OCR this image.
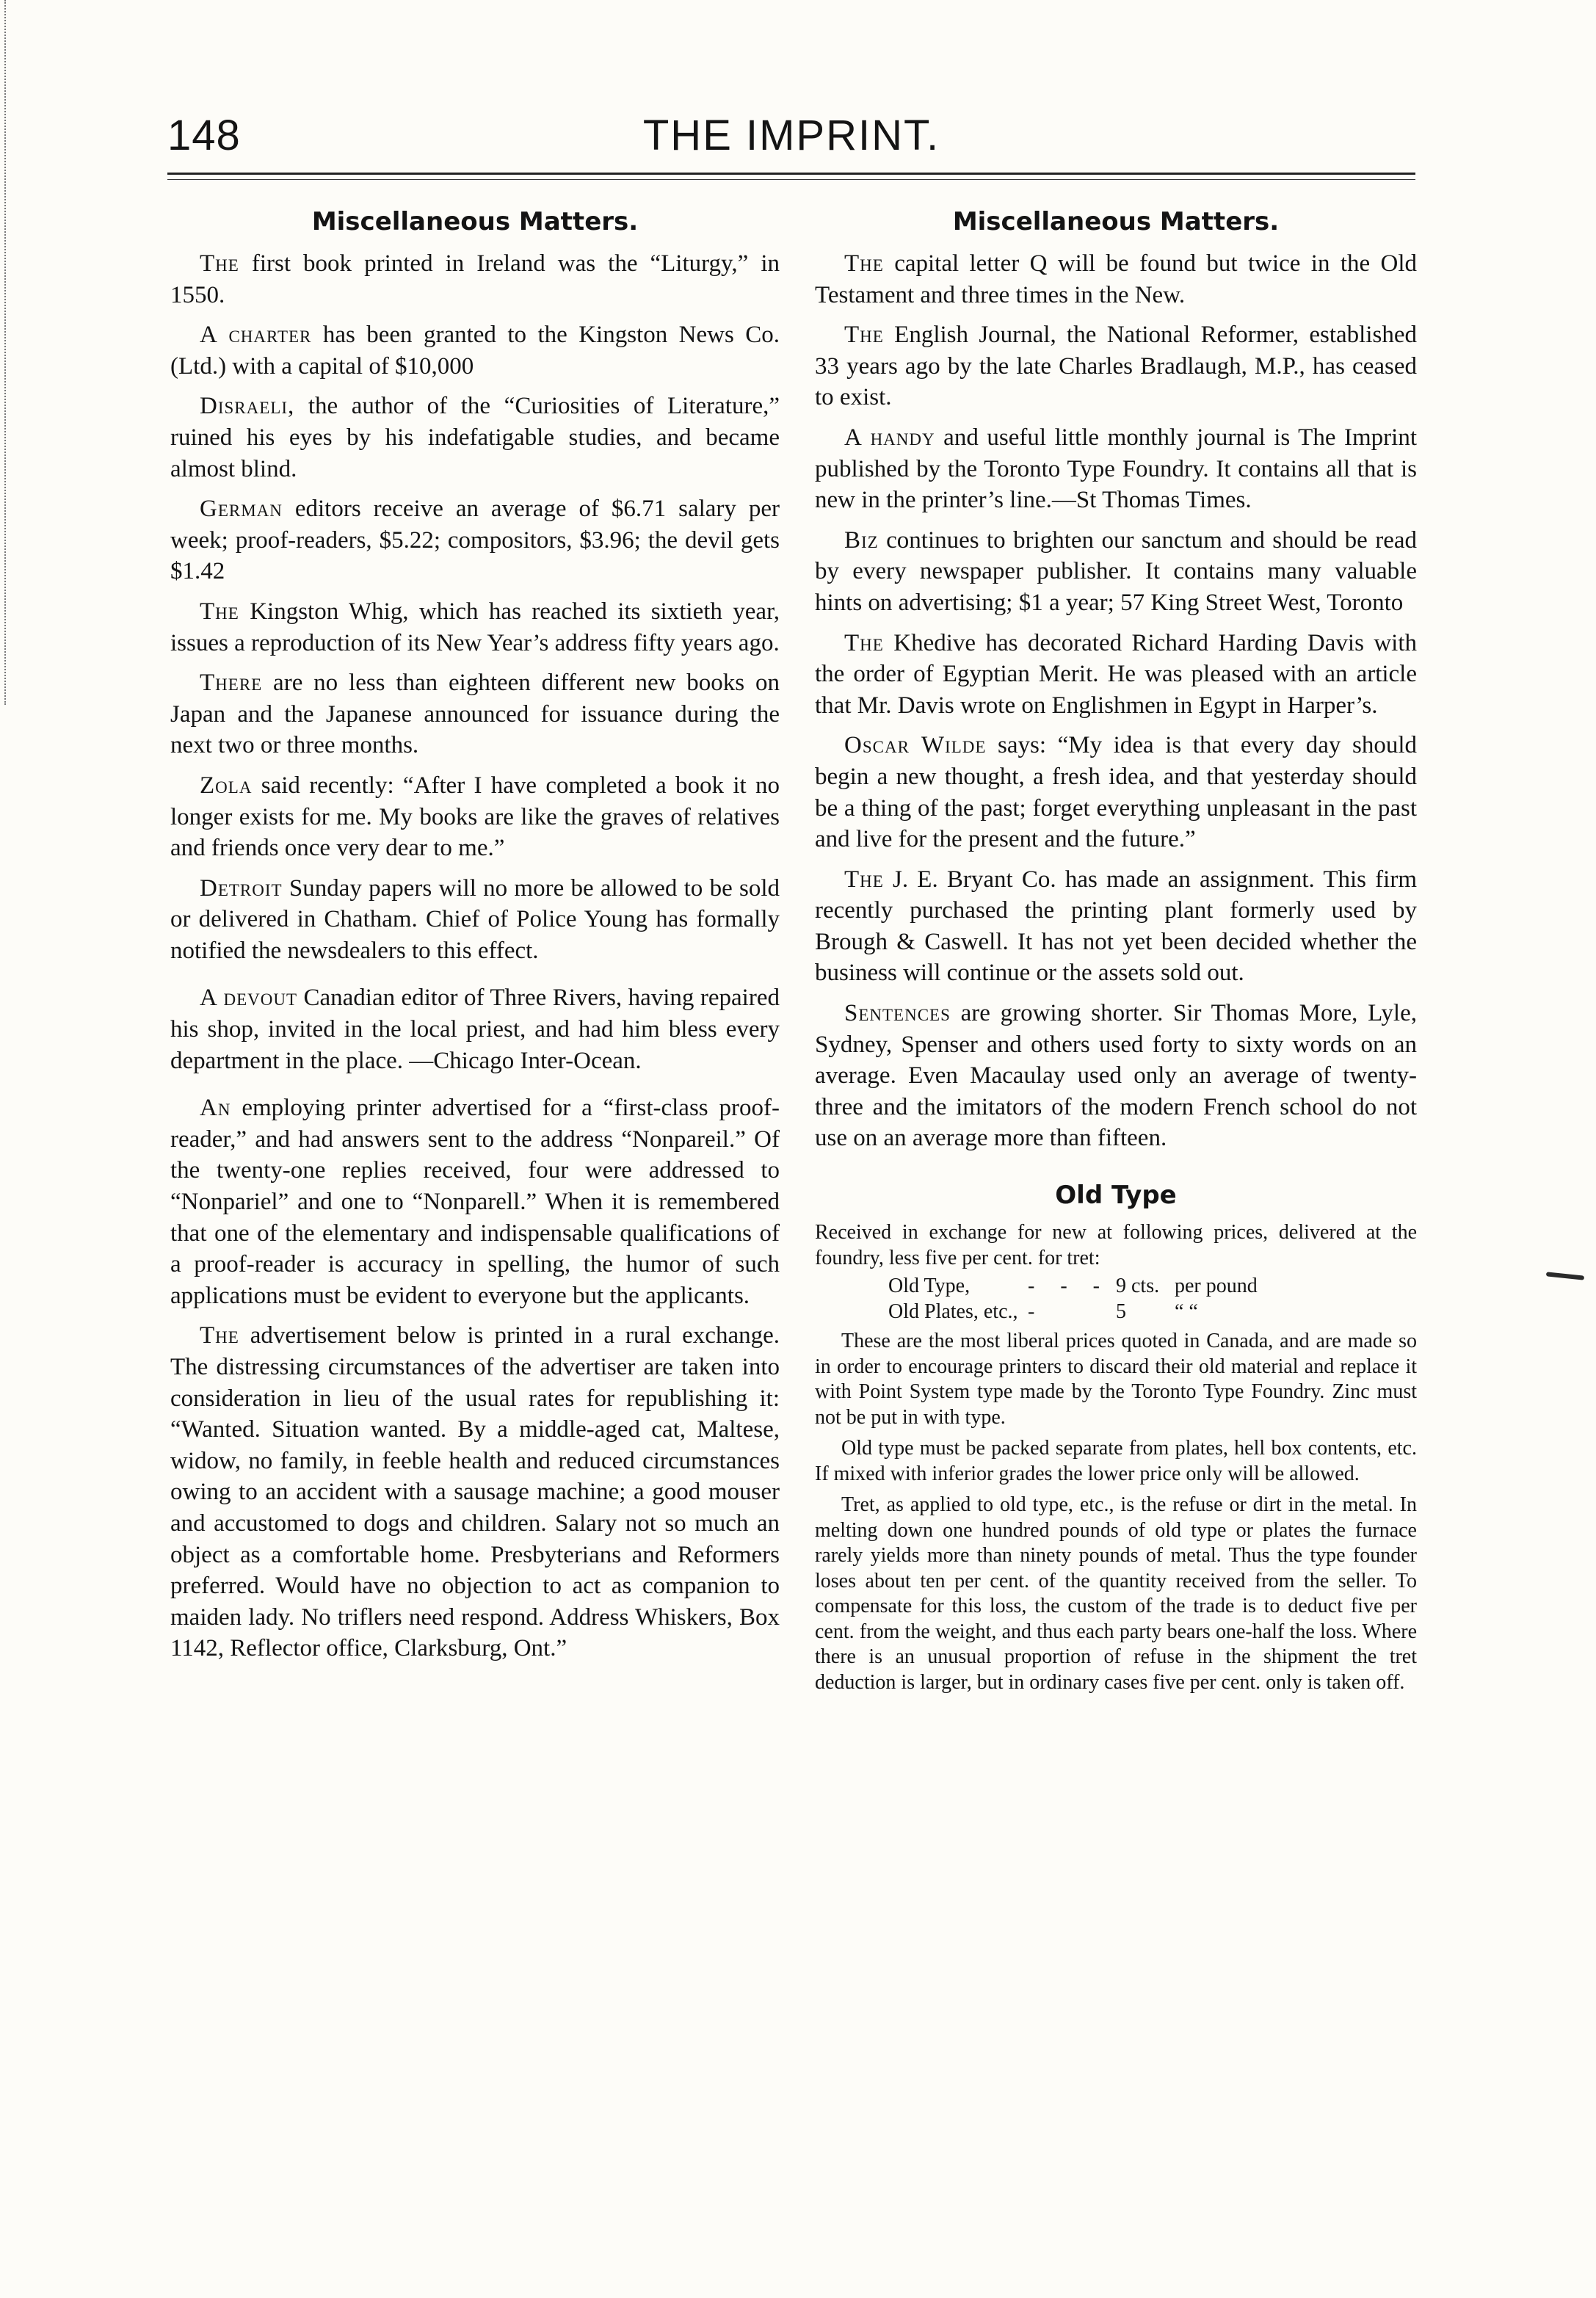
148	THE IMPRINT.
Miscellaneous Matters.

The first book printed in Ireland was the “Liturgy,” in 1550.

A charter has been granted to the Kingston News Co. (Ltd.) with a capital of $10,000

Disraeli, the author of the “Curiosities of Literature,” ruined his eyes by his indefatigable studies, and became almost blind.

German editors receive an average of $6.71 salary per week; proof-readers, $5.22; compositors, $3.96; the devil gets $1.42

The Kingston Whig, which has reached its sixtieth year, issues a reproduction of its New Year’s address fifty years ago.

There are no less than eighteen different new books on Japan and the Japanese announced for issuance during the next two or three months.

Zola said recently: “After I have completed a book it no longer exists for me. My books are like the graves of relatives and friends once very dear to me.”

Detroit Sunday papers will no more be allowed to be sold or delivered in Chatham. Chief of Police Young has formally notified the newsdealers to this effect.

A devout Canadian editor of Three Rivers, having repaired his shop, invited in the local priest, and had him bless every department in the place. —Chicago Inter-Ocean.

An employing printer advertised for a “first-class proof-reader,” and had answers sent to the address “Nonpareil.” Of the twenty-one replies received, four were addressed to “Nonpariel” and one to “Nonparell.” When it is remembered that one of the elementary and indispensable qualifications of a proof-reader is accuracy in spelling, the humor of such applications must be evident to everyone but the applicants.

The advertisement below is printed in a rural exchange. The distressing circumstances of the advertiser are taken into consideration in lieu of the usual rates for republishing it: “Wanted. Situation wanted. By a middle-aged cat, Maltese, widow, no family, in feeble health and reduced circumstances owing to an accident with a sausage machine; a good mouser and accustomed to dogs and children. Salary not so much an object as a comfortable home. Presbyterians and Reformers preferred. Would have no objection to act as companion to maiden lady. No triflers need respond. Address Whiskers, Box 1142, Reflector office, Clarksburg, Ont.”

Miscellaneous Matters.

The capital letter Q will be found but twice in the Old Testament and three times in the New.

The English Journal, the National Reformer, established 33 years ago by the late Charles Bradlaugh, M.P., has ceased to exist.

A handy and useful little monthly journal is The Imprint published by the Toronto Type Foundry. It contains all that is new in the printer’s line.—St Thomas Times.

Biz continues to brighten our sanctum and should be read by every newspaper publisher. It contains many valuable hints on advertising; $1 a year; 57 King Street West, Toronto

The Khedive has decorated Richard Harding Davis with the order of Egyptian Merit. He was pleased with an article that Mr. Davis wrote on Englishmen in Egypt in Harper’s.

Oscar Wilde says: “My idea is that every day should begin a new thought, a fresh idea, and that yesterday should be a thing of the past; forget everything unpleasant in the past and live for the present and the future.”

The J. E. Bryant Co. has made an assignment. This firm recently purchased the printing plant formerly used by Brough & Caswell. It has not yet been decided whether the business will continue or the assets sold out.

Sentences are growing shorter. Sir Thomas More, Lyle, Sydney, Spenser and others used forty to sixty words on an average. Even Macaulay used only an average of twenty-three and the imitators of the modern French school do not use on an average more than fifteen.

Old Type

Received in exchange for new at following prices, delivered at the foundry, less five per cent. for tret:

Old Type,	- - - 9 cts. per pound
Old Plates, etc., -	5	“ “

These are the most liberal prices quoted in Canada, and are made so in order to encourage printers to discard their old material and replace it with Point System type made by the Toronto Type Foundry. Zinc must not be put in with type.

Old type must be packed separate from plates, hell box contents, etc. If mixed with inferior grades the lower price only will be allowed.

Tret, as applied to old type, etc., is the refuse or dirt in the metal. In melting down one hundred pounds of old type or plates the furnace rarely yields more than ninety pounds of metal. Thus the type founder loses about ten per cent. of the quantity received from the seller. To compensate for this loss, the custom of the trade is to deduct five per cent. from the weight, and thus each party bears one-half the loss. Where there is an unusual proportion of refuse in the shipment the tret deduction is larger, but in ordinary cases five per cent. only is taken off.
